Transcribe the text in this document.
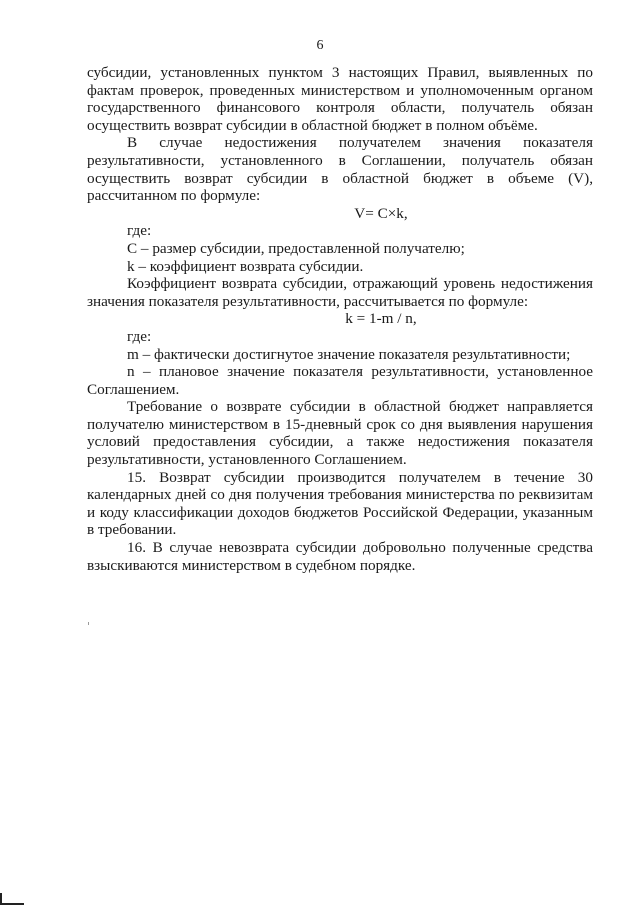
6

субсидии, установленных пунктом 3 настоящих Правил, выявленных по фактам проверок, проведенных министерством и уполномоченным органом государственного финансового контроля области, получатель обязан осуществить возврат субсидии в областной бюджет в полном объёме.

В случае недостижения получателем значения показателя результативности, установленного в Соглашении, получатель обязан осуществить возврат субсидии в областной бюджет в объеме (V), рассчитанном по формуле:

V= C×k,

где:

C – размер субсидии, предоставленной получателю;

k – коэффициент возврата субсидии.

Коэффициент возврата субсидии, отражающий уровень недостижения значения показателя результативности, рассчитывается по формуле:

k = 1-m / n,

где:

m – фактически достигнутое значение показателя результативности;

n – плановое значение показателя результативности, установленное Соглашением.

Требование о возврате субсидии в областной бюджет направляется получателю министерством в 15-дневный срок со дня выявления нарушения условий предоставления субсидии, а также недостижения показателя результативности, установленного Соглашением.

15. Возврат субсидии производится получателем в течение 30 календарных дней со дня получения требования министерства по реквизитам и коду классификации доходов бюджетов Российской Федерации, указанным в требовании.

16. В случае невозврата субсидии добровольно полученные средства взыскиваются министерством в судебном порядке.
